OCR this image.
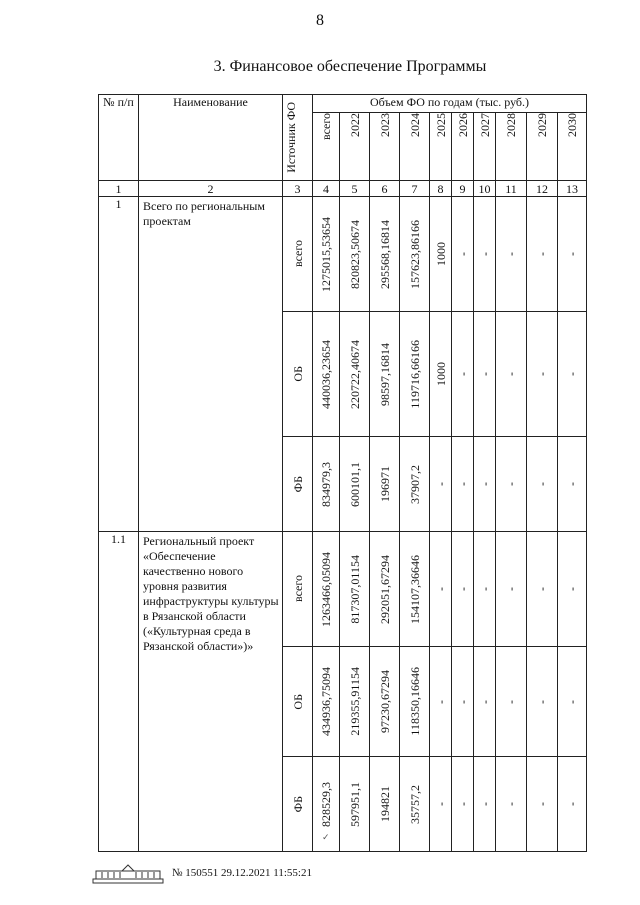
8
3. Финансовое обеспечение Программы
№ п/п	Наименование	Источник ФО	Объем ФО по годам (тыс. руб.)									

			всего	2022	2023	2024	2025	2026	2027	2028	2029	2030

1	2	3	4	5	6	7	8	9	10	11	12	13
1	Всего по региональным проектам	всего	1275015,53654	820823,50674	295568,16814	157623,86166	1000	-	-	-	-	-

		ОБ	440036,23654	220722,40674	98597,16814	119716,66166	1000	-	-	-	-	-

		ФБ	834979,3	600101,1	196971	37907,2	-	-	-	-	-	-

1.1	Региональный проект «Обеспечение качественно нового уровня развития инфраструктуры культуры в Рязанской области («Культурная среда в Рязанской области»)»	всего	1263466,05094	817307,01154	292051,67294	154107,36646	-	-	-	-	-	-

		ОБ	434936,75094	219355,91154	97230,67294	118350,16646	-	-	-	-	-	-

		ФБ	828529,3	597951,1	194821	35757,2	-	-	-	-	-	-
✓
№ 150551 29.12.2021 11:55:21
